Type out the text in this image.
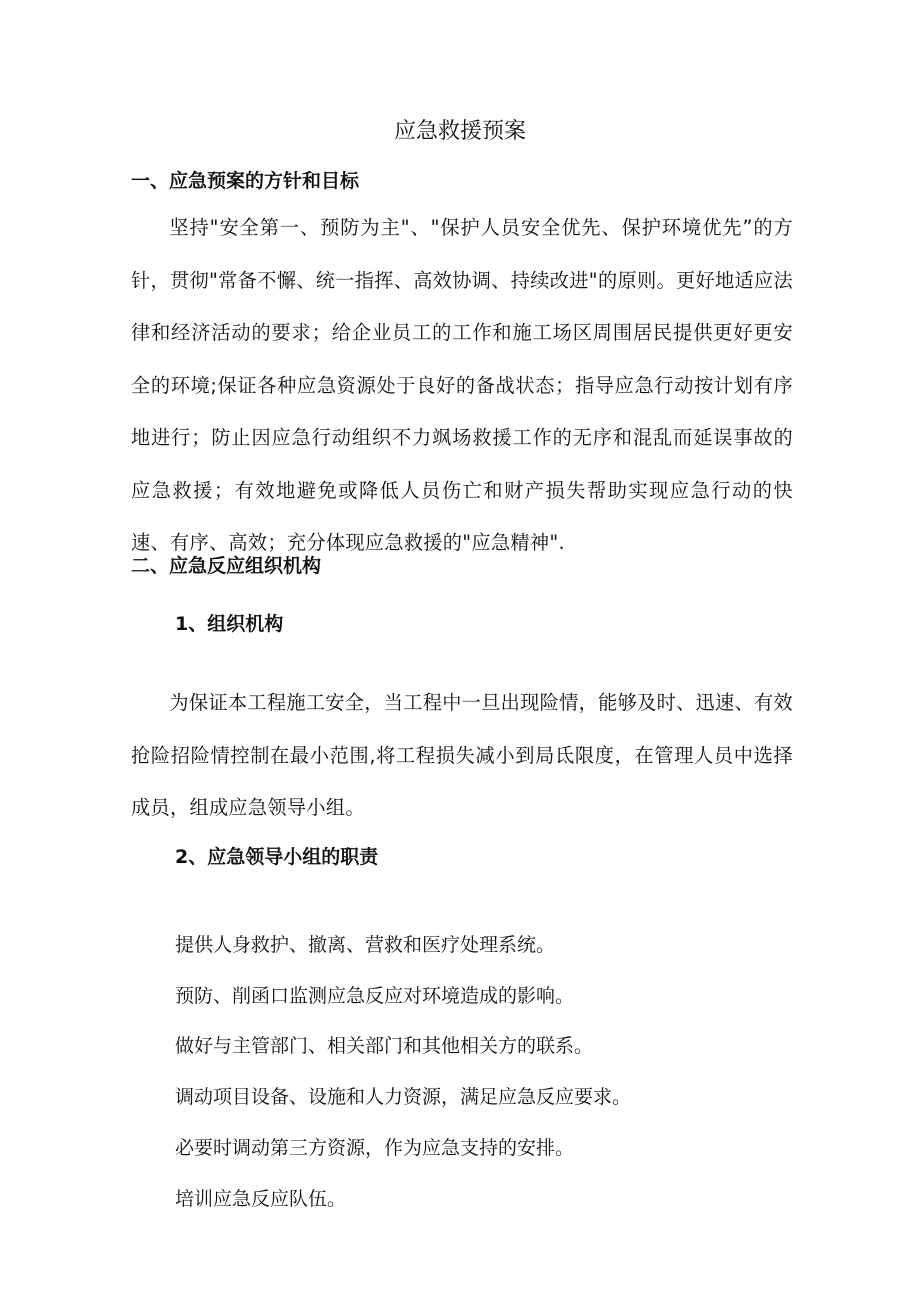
应急救援预案
一、应急预案的方针和目标

坚持"安全第一、预防为主"、"保护人员安全优先、保护环境优先”的方针，贯彻"常备不懈、统一指挥、高效协调、持续改进"的原则。更好地适应法律和经济活动的要求；给企业员工的工作和施工场区周围居民提供更好更安全的环境;保证各种应急资源处于良好的备战状态；指导应急行动按计划有序地进行；防止因应急行动组织不力飒场救援工作的无序和混乱而延误事故的应急救援；有效地避免或降低人员伤亡和财产损失帮助实现应急行动的快速、有序、高效；充分体现应急救援的"应急精神".

二、应急反应组织机构
1、组织机构

为保证本工程施工安全，当工程中一旦出现险情，能够及时、迅速、有效抢险招险情控制在最小范围,将工程损失减小到局氐限度，在管理人员中选择成员，组成应急领导小组。

2、应急领导小组的职责
提供人身救护、撤离、营救和医疗处理系统。
预防、削函口监测应急反应对环境造成的影响。
做好与主管部门、相关部门和其他相关方的联系。
调动项目设备、设施和人力资源，满足应急反应要求。
必要时调动第三方资源，作为应急支持的安排。
培训应急反应队伍。
